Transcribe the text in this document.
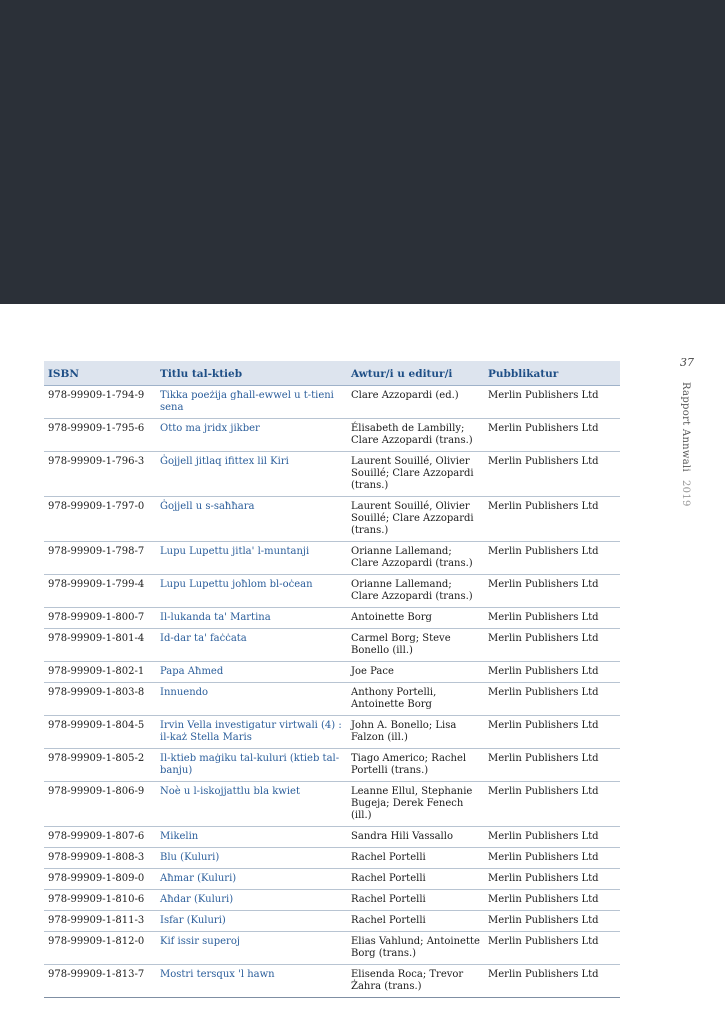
37
Rapport Annwali 2019
ISBN	Titlu tal-ktieb	Awtur/i u editur/i	Pubblikatur
978-99909-1-794-9	Tikka poeżija għall-ewwel u t-tieni sena	Clare Azzopardi (ed.)	Merlin Publishers Ltd
978-99909-1-795-6	Otto ma jridx jikber	Élisabeth de Lambilly; Clare Azzopardi (trans.)	Merlin Publishers Ltd
978-99909-1-796-3	Ġojjell jitlaq ifittex lil Kiri	Laurent Souillé, Olivier Souillé; Clare Azzopardi (trans.)	Merlin Publishers Ltd
978-99909-1-797-0	Ġojjell u s-saħħara	Laurent Souillé, Olivier Souillé; Clare Azzopardi (trans.)	Merlin Publishers Ltd
978-99909-1-798-7	Lupu Lupettu jitla' l-muntanji	Orianne Lallemand; Clare Azzopardi (trans.)	Merlin Publishers Ltd
978-99909-1-799-4	Lupu Lupettu joħlom bl-oċean	Orianne Lallemand; Clare Azzopardi (trans.)	Merlin Publishers Ltd
978-99909-1-800-7	Il-lukanda ta' Martina	Antoinette Borg	Merlin Publishers Ltd
978-99909-1-801-4	Id-dar ta' faċċata	Carmel Borg; Steve Bonello (ill.)	Merlin Publishers Ltd
978-99909-1-802-1	Papa Aħmed	Joe Pace	Merlin Publishers Ltd
978-99909-1-803-8	Innuendo	Anthony Portelli, Antoinette Borg	Merlin Publishers Ltd
978-99909-1-804-5	Irvin Vella investigatur virtwali (4) : il-każ Stella Maris	John A. Bonello; Lisa Falzon (ill.)	Merlin Publishers Ltd
978-99909-1-805-2	Il-ktieb maġiku tal-kuluri (ktieb tal-banju)	Tiago Americo; Rachel Portelli (trans.)	Merlin Publishers Ltd
978-99909-1-806-9	Noè u l-iskojjattlu bla kwiet	Leanne Ellul, Stephanie Bugeja; Derek Fenech (ill.)	Merlin Publishers Ltd
978-99909-1-807-6	Mikelin	Sandra Hili Vassallo	Merlin Publishers Ltd
978-99909-1-808-3	Blu (Kuluri)	Rachel Portelli	Merlin Publishers Ltd
978-99909-1-809-0	Aħmar (Kuluri)	Rachel Portelli	Merlin Publishers Ltd
978-99909-1-810-6	Aħdar (Kuluri)	Rachel Portelli	Merlin Publishers Ltd
978-99909-1-811-3	Isfar (Kuluri)	Rachel Portelli	Merlin Publishers Ltd
978-99909-1-812-0	Kif issir superoj	Elias Vahlund; Antoinette Borg (trans.)	Merlin Publishers Ltd
978-99909-1-813-7	Mostri tersqux 'l hawn	Elisenda Roca; Trevor Żahra (trans.)	Merlin Publishers Ltd
